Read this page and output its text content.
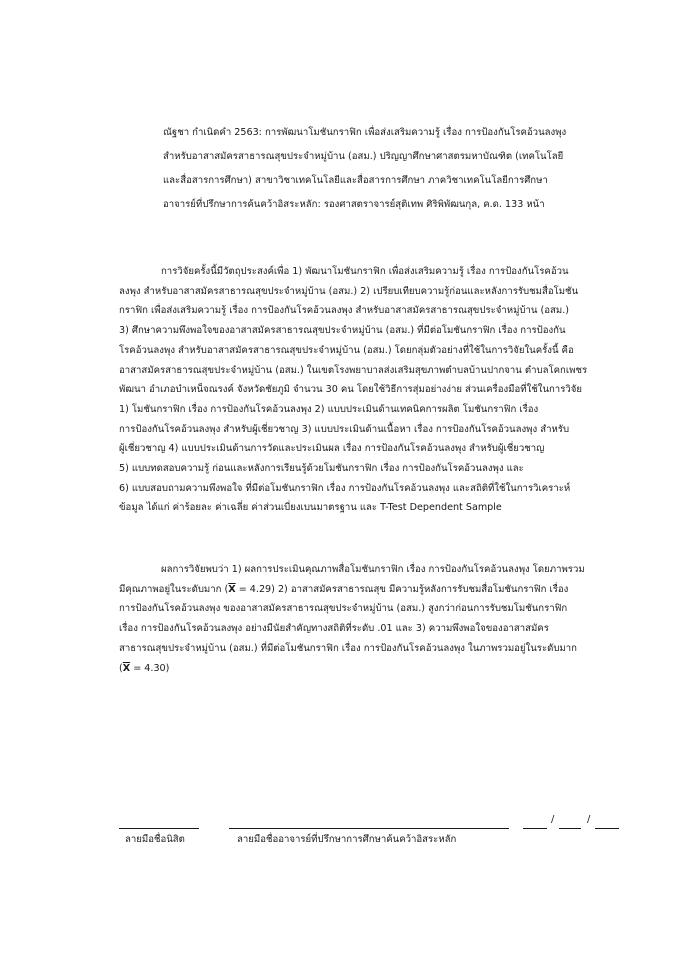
ณัฐชา กำเนิดคำ 2563: การพัฒนาโมชันกราฟิก เพื่อส่งเสริมความรู้ เรื่อง การป้องกันโรคอ้วนลงพุง
สำหรับอาสาสมัครสาธารณสุขประจำหมู่บ้าน (อสม.) ปริญญาศึกษาศาสตรมหาบัณฑิต (เทคโนโลยี
และสื่อสารการศึกษา) สาขาวิชาเทคโนโลยีและสื่อสารการศึกษา ภาควิชาเทคโนโลยีการศึกษา
อาจารย์ที่ปรึกษาการค้นคว้าอิสระหลัก: รองศาสตราจารย์สุติเทพ ศิริพิพัฒนกุล, ค.ด. 133 หน้า
การวิจัยครั้งนี้มีวัตถุประสงค์เพื่อ 1) พัฒนาโมชันกราฟิก เพื่อส่งเสริมความรู้ เรื่อง การป้องกันโรคอ้วน
ลงพุง สำหรับอาสาสมัครสาธารณสุขประจำหมู่บ้าน (อสม.) 2) เปรียบเทียบความรู้ก่อนและหลังการรับชมสื่อโมชัน
กราฟิก เพื่อส่งเสริมความรู้ เรื่อง การป้องกันโรคอ้วนลงพุง สำหรับอาสาสมัครสาธารณสุขประจำหมู่บ้าน (อสม.)
3) ศึกษาความพึงพอใจของอาสาสมัครสาธารณสุขประจำหมู่บ้าน (อสม.) ที่มีต่อโมชันกราฟิก เรื่อง การป้องกัน
โรคอ้วนลงพุง สำหรับอาสาสมัครสาธารณสุขประจำหมู่บ้าน (อสม.) โดยกลุ่มตัวอย่างที่ใช้ในการวิจัยในครั้งนี้ คือ
อาสาสมัครสาธารณสุขประจำหมู่บ้าน (อสม.) ในเขตโรงพยาบาลส่งเสริมสุขภาพตำบลบ้านปากจาน ตำบลโคกเพชร
พัฒนา อำเภอบำเหน็จณรงค์ จังหวัดชัยภูมิ จำนวน 30 คน โดยใช้วิธีการสุ่มอย่างง่าย ส่วนเครื่องมือที่ใช้ในการวิจัย
1) โมชันกราฟิก เรื่อง การป้องกันโรคอ้วนลงพุง 2) แบบประเมินด้านเทคนิคการผลิต โมชันกราฟิก เรื่อง
การป้องกันโรคอ้วนลงพุง สำหรับผู้เชี่ยวชาญ 3) แบบประเมินด้านเนื้อหา เรื่อง การป้องกันโรคอ้วนลงพุง สำหรับ
ผู้เชี่ยวชาญ 4) แบบประเมินด้านการวัดและประเมินผล เรื่อง การป้องกันโรคอ้วนลงพุง สำหรับผู้เชี่ยวชาญ
5) แบบทดสอบความรู้ ก่อนและหลังการเรียนรู้ด้วยโมชันกราฟิก เรื่อง การป้องกันโรคอ้วนลงพุง และ
6) แบบสอบถามความพึงพอใจ ที่มีต่อโมชันกราฟิก เรื่อง การป้องกันโรคอ้วนลงพุง และสถิติที่ใช้ในการวิเคราะห์
ข้อมูล ได้แก่ ค่าร้อยละ ค่าเฉลี่ย ค่าส่วนเบี่ยงเบนมาตรฐาน และ T-Test Dependent Sample
ผลการวิจัยพบว่า 1) ผลการประเมินคุณภาพสื่อโมชันกราฟิก เรื่อง การป้องกันโรคอ้วนลงพุง โดยภาพรวม
มีคุณภาพอยู่ในระดับมาก $(\overline{X} = 4.29)$ 2) อาสาสมัครสาธารณสุข มีความรู้หลังการรับชมสื่อโมชันกราฟิก เรื่อง
การป้องกันโรคอ้วนลงพุง ของอาสาสมัครสาธารณสุขประจำหมู่บ้าน (อสม.) สูงกว่าก่อนการรับชมโมชันกราฟิก
เรื่อง การป้องกันโรคอ้วนลงพุง อย่างมีนัยสำคัญทางสถิติที่ระดับ .01 และ 3) ความพึงพอใจของอาสาสมัคร
สาธารณสุขประจำหมู่บ้าน (อสม.) ที่มีต่อโมชันกราฟิก เรื่อง การป้องกันโรคอ้วนลงพุง ในภาพรวมอยู่ในระดับมาก
$(\overline{X} = 4.30)$
/	/
ลายมือชื่อนิสิต	ลายมือชื่ออาจารย์ที่ปรึกษาการศึกษาค้นคว้าอิสระหลัก
